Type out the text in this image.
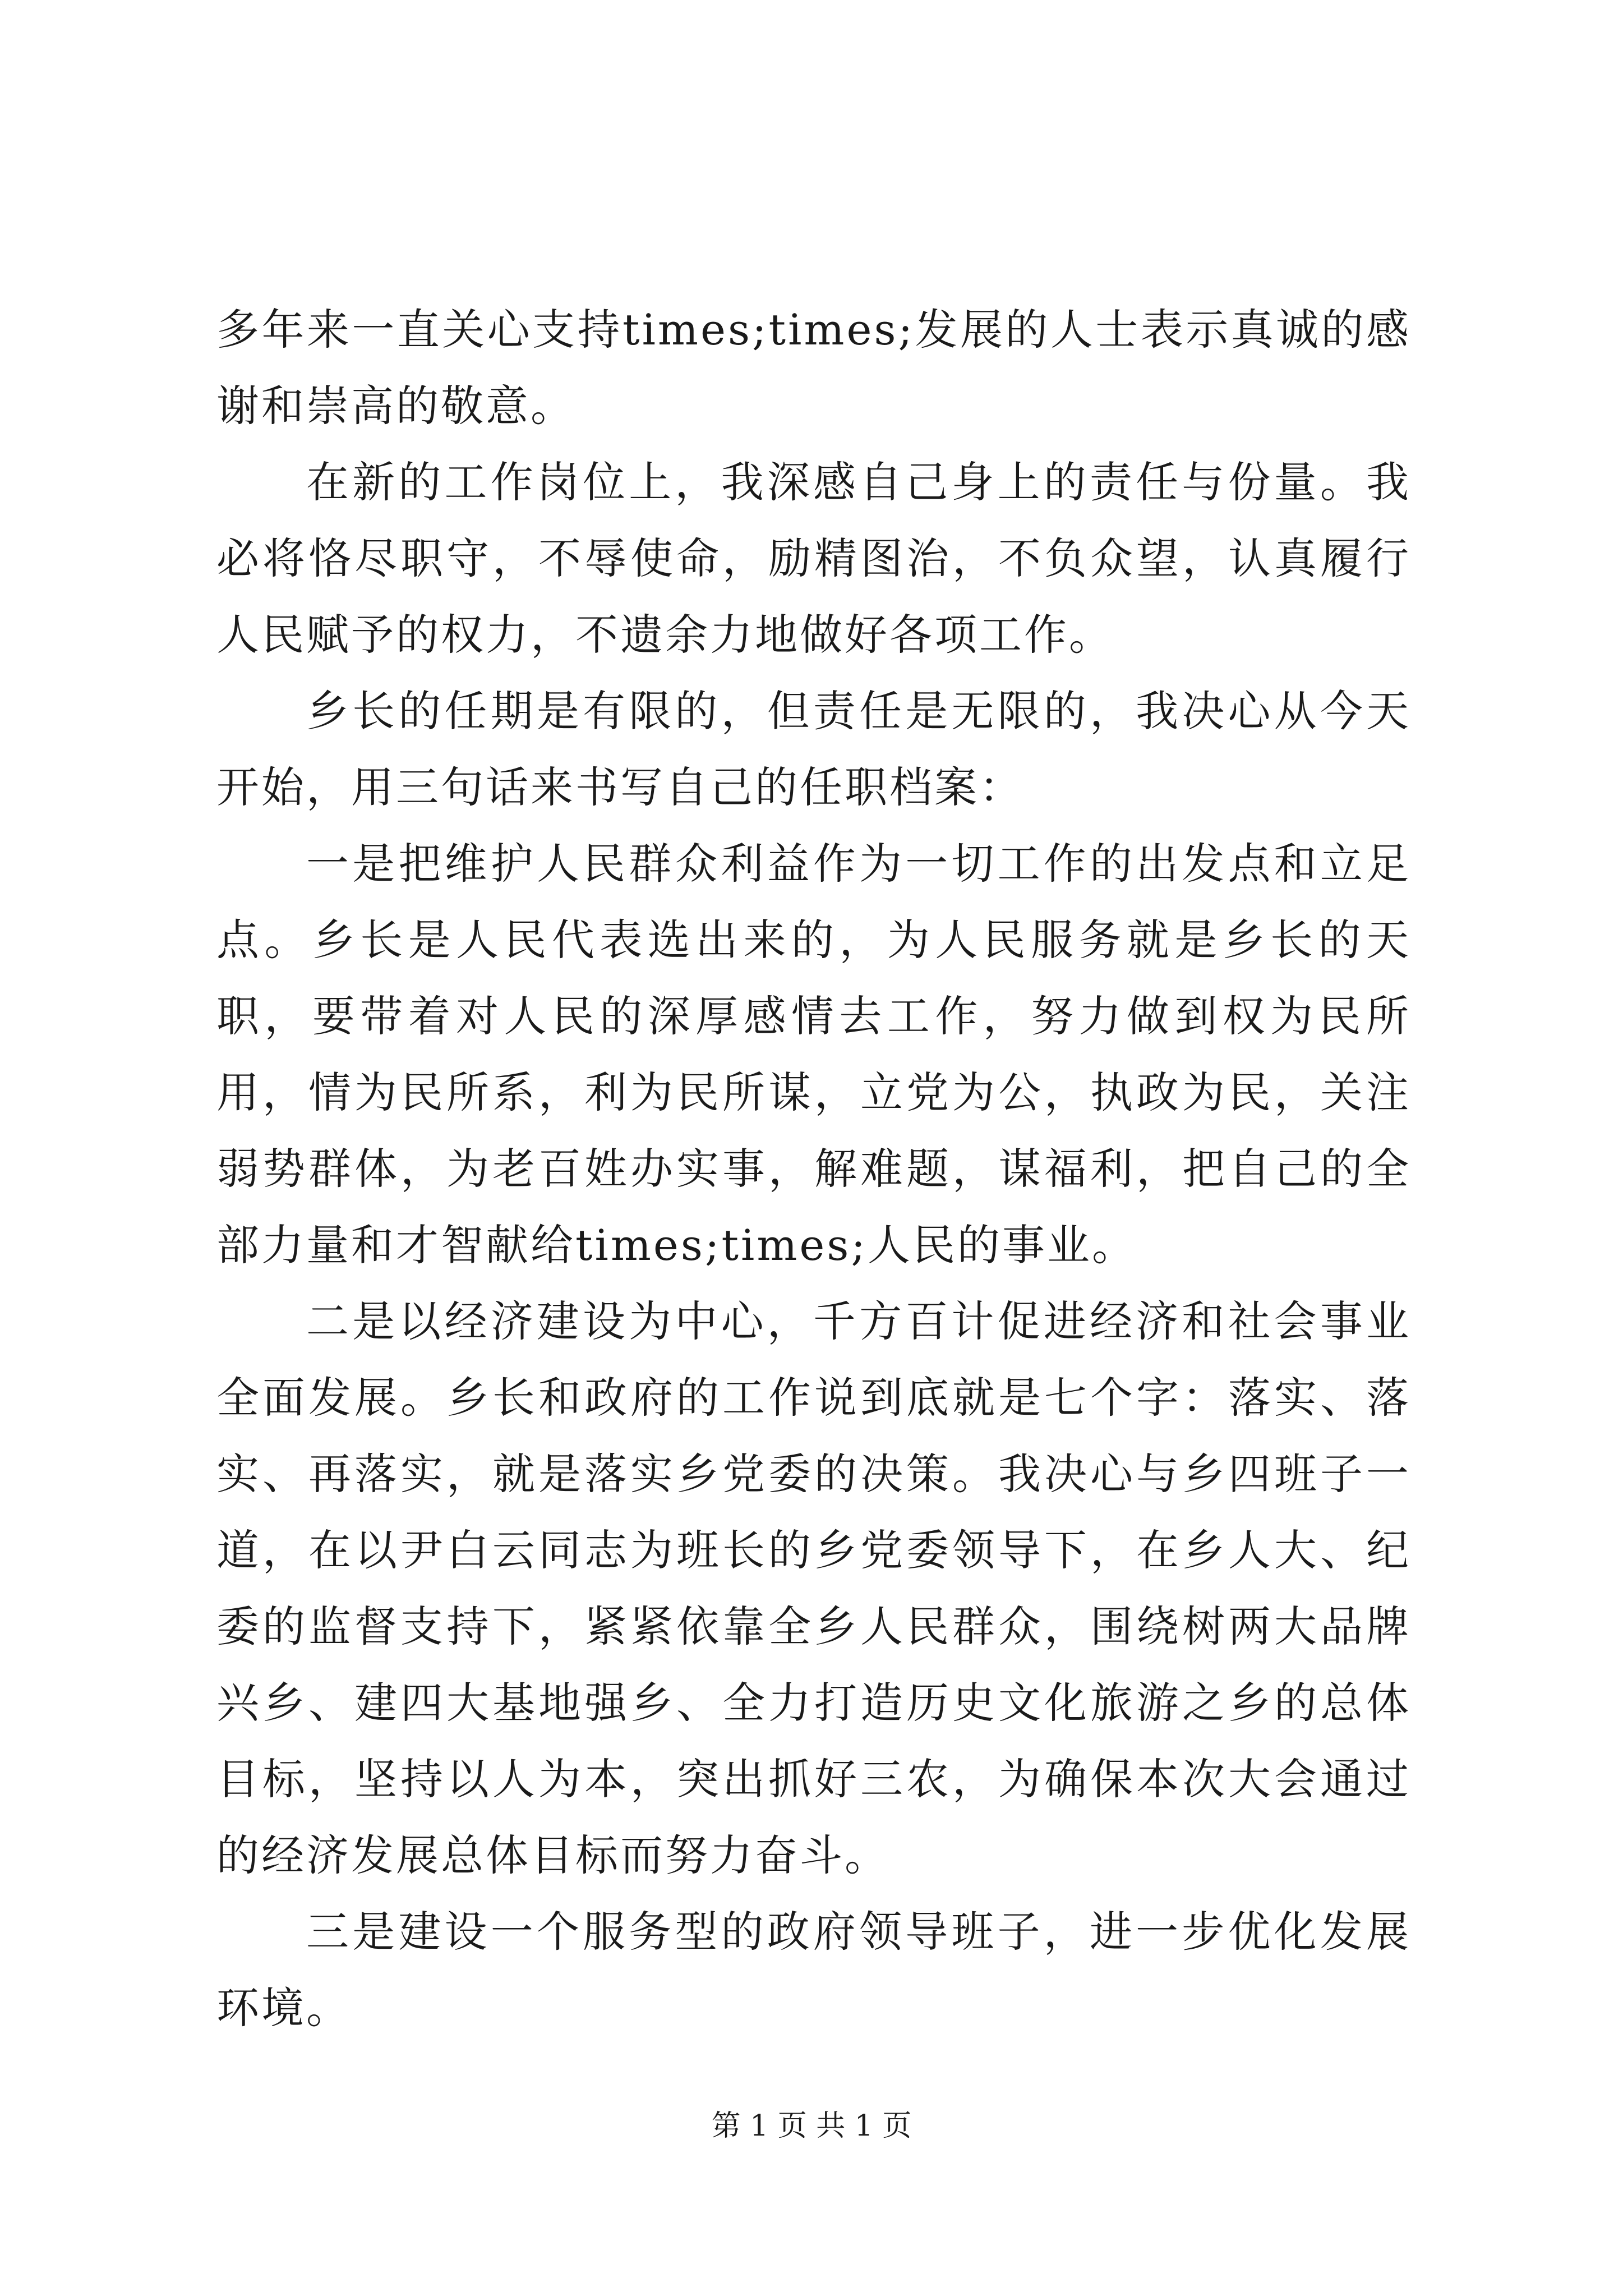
多年来一直关心支持times;times;发展的人士表示真诚的感谢和崇高的敬意。

在新的工作岗位上，我深感自己身上的责任与份量。我必将恪尽职守，不辱使命，励精图治，不负众望，认真履行人民赋予的权力，不遗余力地做好各项工作。

乡长的任期是有限的，但责任是无限的，我决心从今天开始，用三句话来书写自己的任职档案：

一是把维护人民群众利益作为一切工作的出发点和立足点。乡长是人民代表选出来的，为人民服务就是乡长的天职，要带着对人民的深厚感情去工作，努力做到权为民所用，情为民所系，利为民所谋，立党为公，执政为民，关注弱势群体，为老百姓办实事，解难题，谋福利，把自己的全部力量和才智献给times;times;人民的事业。

二是以经济建设为中心，千方百计促进经济和社会事业全面发展。乡长和政府的工作说到底就是七个字：落实、落实、再落实，就是落实乡党委的决策。我决心与乡四班子一道，在以尹白云同志为班长的乡党委领导下，在乡人大、纪委的监督支持下，紧紧依靠全乡人民群众，围绕树两大品牌兴乡、建四大基地强乡、全力打造历史文化旅游之乡的总体目标，坚持以人为本，突出抓好三农，为确保本次大会通过的经济发展总体目标而努力奋斗。

三是建设一个服务型的政府领导班子，进一步优化发展环境。

第 1 页 共 1 页
